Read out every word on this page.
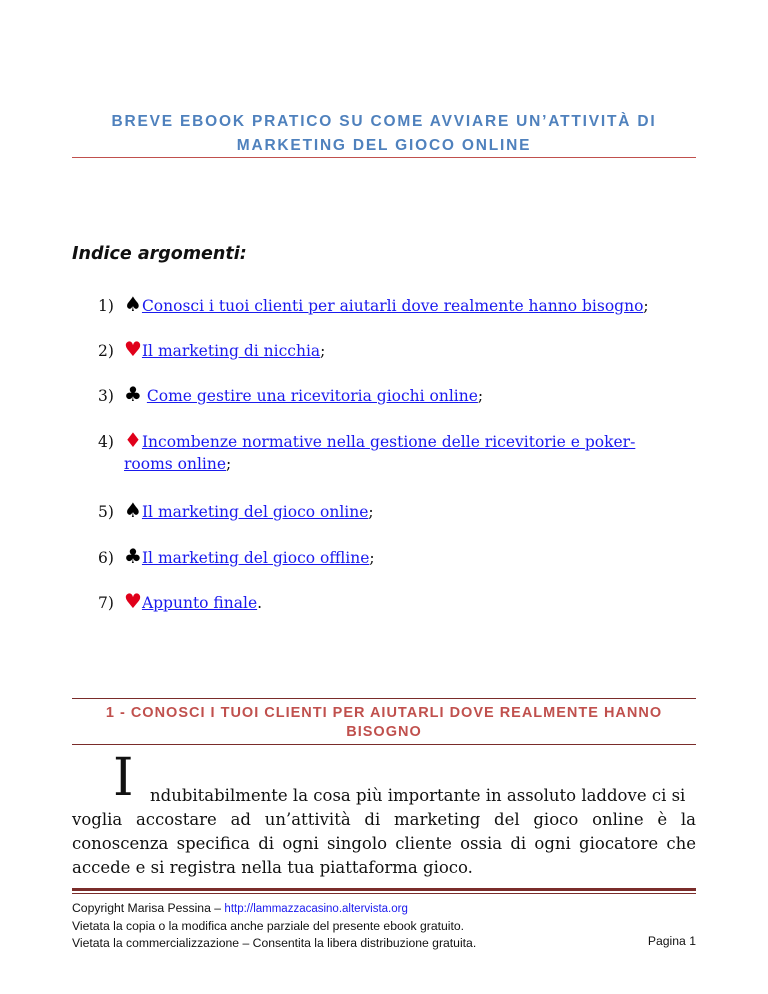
BREVE EBOOK PRATICO SU COME AVVIARE UN’ATTIVITÀ DI
MARKETING DEL GIOCO ONLINE
Indice argomenti:
1) ♠Conosci i tuoi clienti per aiutarli dove realmente hanno bisogno;
2) ♥Il marketing di nicchia;
3) ♣ Come gestire una ricevitoria giochi online;
4) ♦Incombenze normative nella gestione delle ricevitorie e poker-
rooms online;
5) ♠Il marketing del gioco online;
6) ♣Il marketing del gioco offline;
7) ♥Appunto finale.
1 - CONOSCI I TUOI CLIENTI PER AIUTARLI DOVE REALMENTE HANNO
BISOGNO
I ndubitabilmente la cosa più importante in assoluto laddove ci si
voglia accostare ad un’attività di marketing del gioco online è la
conoscenza specifica di ogni singolo cliente ossia di ogni giocatore che
accede e si registra nella tua piattaforma gioco.
Copyright Marisa Pessina – http://lammazzacasino.altervista.org
Vietata la copia o la modifica anche parziale del presente ebook gratuito.
Vietata la commercializzazione – Consentita la libera distribuzione gratuita.	Pagina 1
